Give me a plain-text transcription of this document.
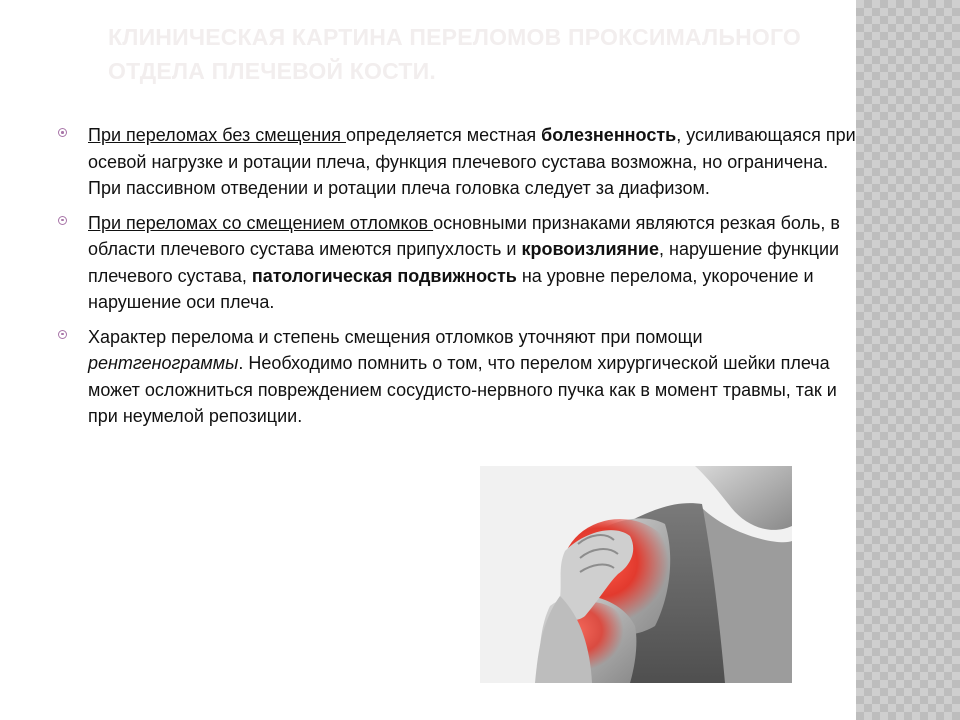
КЛИНИЧЕСКАЯ КАРТИНА ПЕРЕЛОМОВ ПРОКСИМАЛЬНОГО ОТДЕЛА ПЛЕЧЕВОЙ КОСТИ.
При переломах без смещения определяется местная болезненность, усиливающаяся при осевой нагрузке и ротации плеча, функция плечевого сустава возможна, но ограничена. При пассивном отведении и ротации плеча головка следует за диафизом.
При переломах со смещением отломков основными признаками являются резкая боль, в области плечевого сустава имеются припухлость и кровоизлияние, нарушение функции плечевого сустава, патологическая подвижность на уровне перелома, укорочение и нарушение оси плеча.
Характер перелома и степень смещения отломков уточняют при помощи рентгенограммы. Необходимо помнить о том, что перелом хирургической шейки плеча может осложниться повреждением сосудисто-нервного пучка как в момент травмы, так и при неумелой репозиции.
